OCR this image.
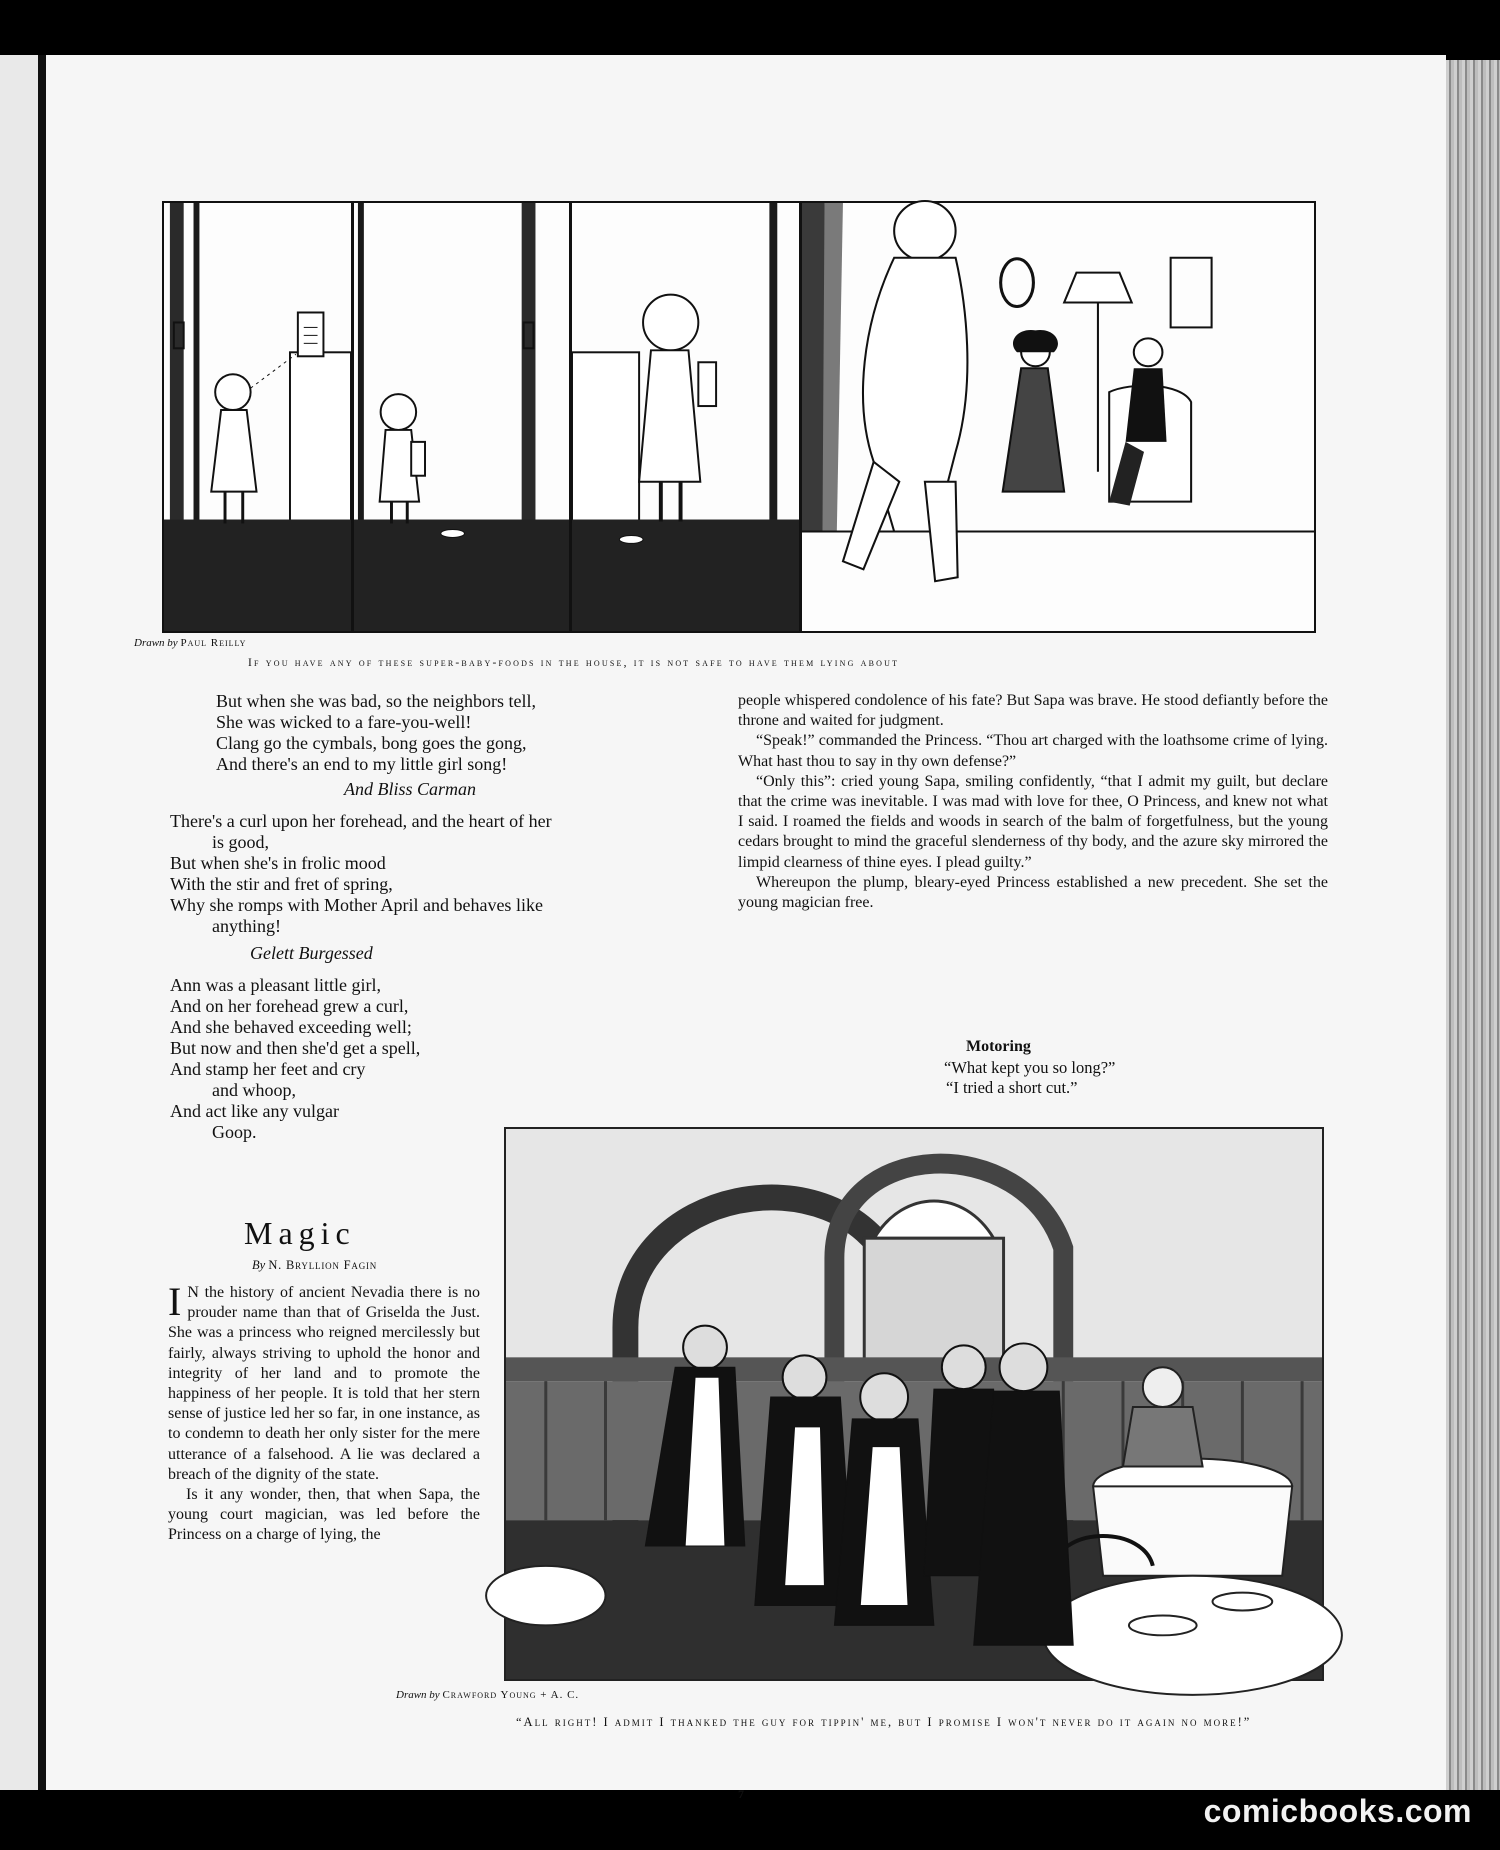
Drawn by Paul Reilly
If you have any of these super-baby-foods in the house, it is not safe to have them lying about
But when she was bad, so the neighbors tell,
She was wicked to a fare-you-well!
Clang go the cymbals, bong goes the gong,
And there's an end to my little girl song!
And Bliss Carman
There's a curl upon her forehead, and the heart of her
is good,
But when she's in frolic mood
With the stir and fret of spring,
Why she romps with Mother April and behaves like
anything!
Gelett Burgessed
Ann was a pleasant little girl,
And on her forehead grew a curl,
And she behaved exceeding well;
But now and then she'd get a spell,
And stamp her feet and cry
and whoop,
And act like any vulgar
Goop.

people whispered condolence of his fate? But Sapa was brave. He stood defiantly before the throne and waited for judgment.

“Speak!” commanded the Princess. “Thou art charged with the loathsome crime of lying. What hast thou to say in thy own defense?”

“Only this”: cried young Sapa, smiling confidently, “that I admit my guilt, but declare that the crime was inevitable. I was mad with love for thee, O Princess, and knew not what I said. I roamed the fields and woods in search of the balm of forgetfulness, but the young cedars brought to mind the graceful slenderness of thy body, and the azure sky mirrored the limpid clearness of thine eyes. I plead guilty.”

Whereupon the plump, bleary-eyed Princess established a new precedent. She set the young magician free.

Motoring
“What kept you so long?”
“I tried a short cut.”
Magic
By N. Bryllion Fagin

I N the history of ancient Nevadia there is no prouder name than that of Griselda the Just. She was a princess who reigned mercilessly but fairly, always striving to uphold the honor and integrity of her land and to promote the happiness of her people. It is told that her stern sense of justice led her so far, in one instance, as to condemn to death her only sister for the mere utterance of a falsehood. A lie was declared a breach of the dignity of the state.

Is it any wonder, then, that when Sapa, the young court magician, was led before the Princess on a charge of lying, the

Drawn by Crawford Young + A. C.
“All right! I admit I thanked the guy for tippin' me, but I promise I won't never do it again no more!”
7	comicbooks.com
